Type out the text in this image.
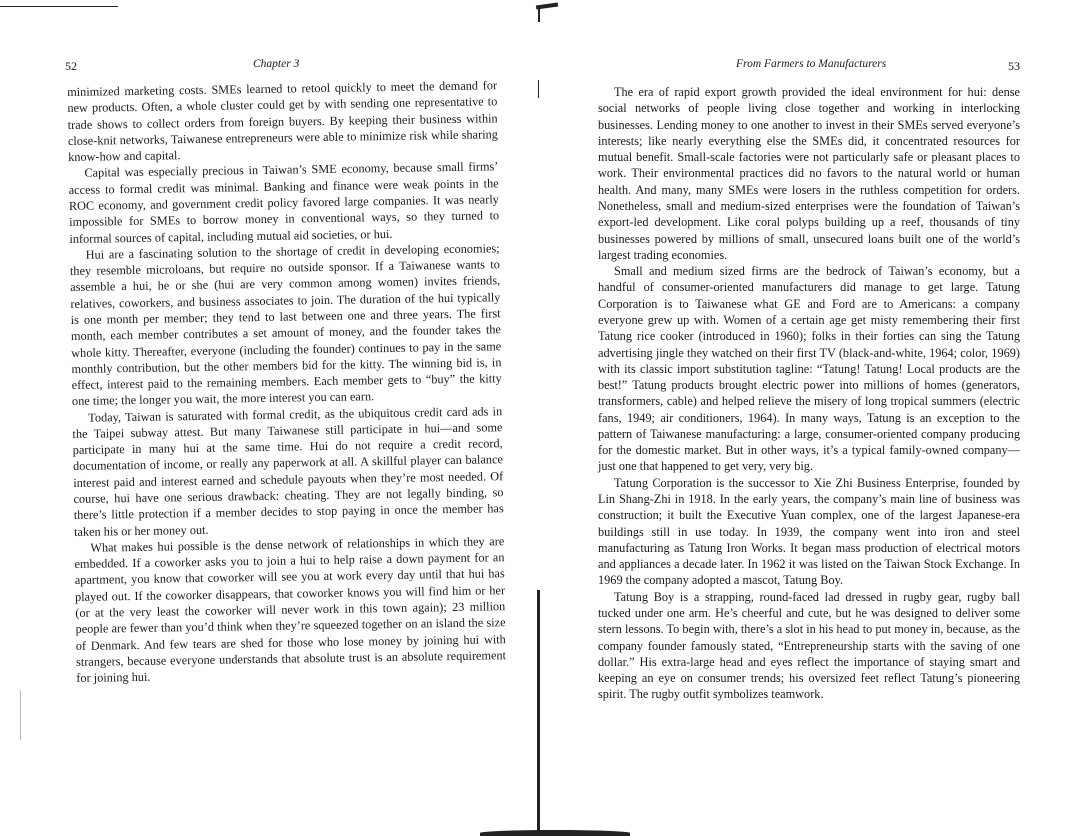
52	Chapter 3

minimized marketing costs. SMEs learned to retool quickly to meet the demand for new products. Often, a whole cluster could get by with sending one representative to trade shows to collect orders from foreign buyers. By keeping their business within close-knit networks, Taiwanese entrepreneurs were able to minimize risk while sharing know-how and capital.

Capital was especially precious in Taiwan’s SME economy, because small firms’ access to formal credit was minimal. Banking and finance were weak points in the ROC economy, and government credit policy favored large companies. It was nearly impossible for SMEs to borrow money in conventional ways, so they turned to informal sources of capital, including mutual aid societies, or hui.

Hui are a fascinating solution to the shortage of credit in developing economies; they resemble microloans, but require no outside sponsor. If a Taiwanese wants to assemble a hui, he or she (hui are very common among women) invites friends, relatives, coworkers, and business associates to join. The duration of the hui typically is one month per member; they tend to last between one and three years. The first month, each member contributes a set amount of money, and the founder takes the whole kitty. Thereafter, everyone (including the founder) continues to pay in the same monthly contribution, but the other members bid for the kitty. The winning bid is, in effect, interest paid to the remaining members. Each member gets to “buy” the kitty one time; the longer you wait, the more interest you can earn.

Today, Taiwan is saturated with formal credit, as the ubiquitous credit card ads in the Taipei subway attest. But many Taiwanese still participate in hui—and some participate in many hui at the same time. Hui do not require a credit record, documentation of income, or really any paperwork at all. A skillful player can balance interest paid and interest earned and schedule payouts when they’re most needed. Of course, hui have one serious drawback: cheating. They are not legally binding, so there’s little protection if a member decides to stop paying in once the member has taken his or her money out.

What makes hui possible is the dense network of relationships in which they are embedded. If a coworker asks you to join a hui to help raise a down payment for an apartment, you know that coworker will see you at work every day until that hui has played out. If the coworker disappears, that coworker knows you will find him or her (or at the very least the coworker will never work in this town again); 23 million people are fewer than you’d think when they’re squeezed together on an island the size of Denmark. And few tears are shed for those who lose money by joining hui with strangers, because everyone understands that absolute trust is an absolute requirement for joining hui.

From Farmers to Manufacturers	53

The era of rapid export growth provided the ideal environment for hui: dense social networks of people living close together and working in interlocking businesses. Lending money to one another to invest in their SMEs served everyone’s interests; like nearly everything else the SMEs did, it concentrated resources for mutual benefit. Small-scale factories were not particularly safe or pleasant places to work. Their environmental practices did no favors to the natural world or human health. And many, many SMEs were losers in the ruthless competition for orders. Nonetheless, small and medium-sized enterprises were the foundation of Taiwan’s export-led development. Like coral polyps building up a reef, thousands of tiny businesses powered by millions of small, unsecured loans built one of the world’s largest trading economies.

Small and medium sized firms are the bedrock of Taiwan’s economy, but a handful of consumer-oriented manufacturers did manage to get large. Tatung Corporation is to Taiwanese what GE and Ford are to Americans: a company everyone grew up with. Women of a certain age get misty remembering their first Tatung rice cooker (introduced in 1960); folks in their forties can sing the Tatung advertising jingle they watched on their first TV (black-and-white, 1964; color, 1969) with its classic import substitution tagline: “Tatung! Tatung! Local products are the best!” Tatung products brought electric power into millions of homes (generators, transformers, cable) and helped relieve the misery of long tropical summers (electric fans, 1949; air conditioners, 1964). In many ways, Tatung is an exception to the pattern of Taiwanese manufacturing: a large, consumer-oriented company producing for the domestic market. But in other ways, it’s a typical family-owned company—just one that happened to get very, very big.

Tatung Corporation is the successor to Xie Zhi Business Enterprise, founded by Lin Shang-Zhi in 1918. In the early years, the company’s main line of business was construction; it built the Executive Yuan complex, one of the largest Japanese-era buildings still in use today. In 1939, the company went into iron and steel manufacturing as Tatung Iron Works. It began mass production of electrical motors and appliances a decade later. In 1962 it was listed on the Taiwan Stock Exchange. In 1969 the company adopted a mascot, Tatung Boy.

Tatung Boy is a strapping, round-faced lad dressed in rugby gear, rugby ball tucked under one arm. He’s cheerful and cute, but he was designed to deliver some stern lessons. To begin with, there’s a slot in his head to put money in, because, as the company founder famously stated, “Entrepreneurship starts with the saving of one dollar.” His extra-large head and eyes reflect the importance of staying smart and keeping an eye on consumer trends; his oversized feet reflect Tatung’s pioneering spirit. The rugby outfit symbolizes teamwork.
